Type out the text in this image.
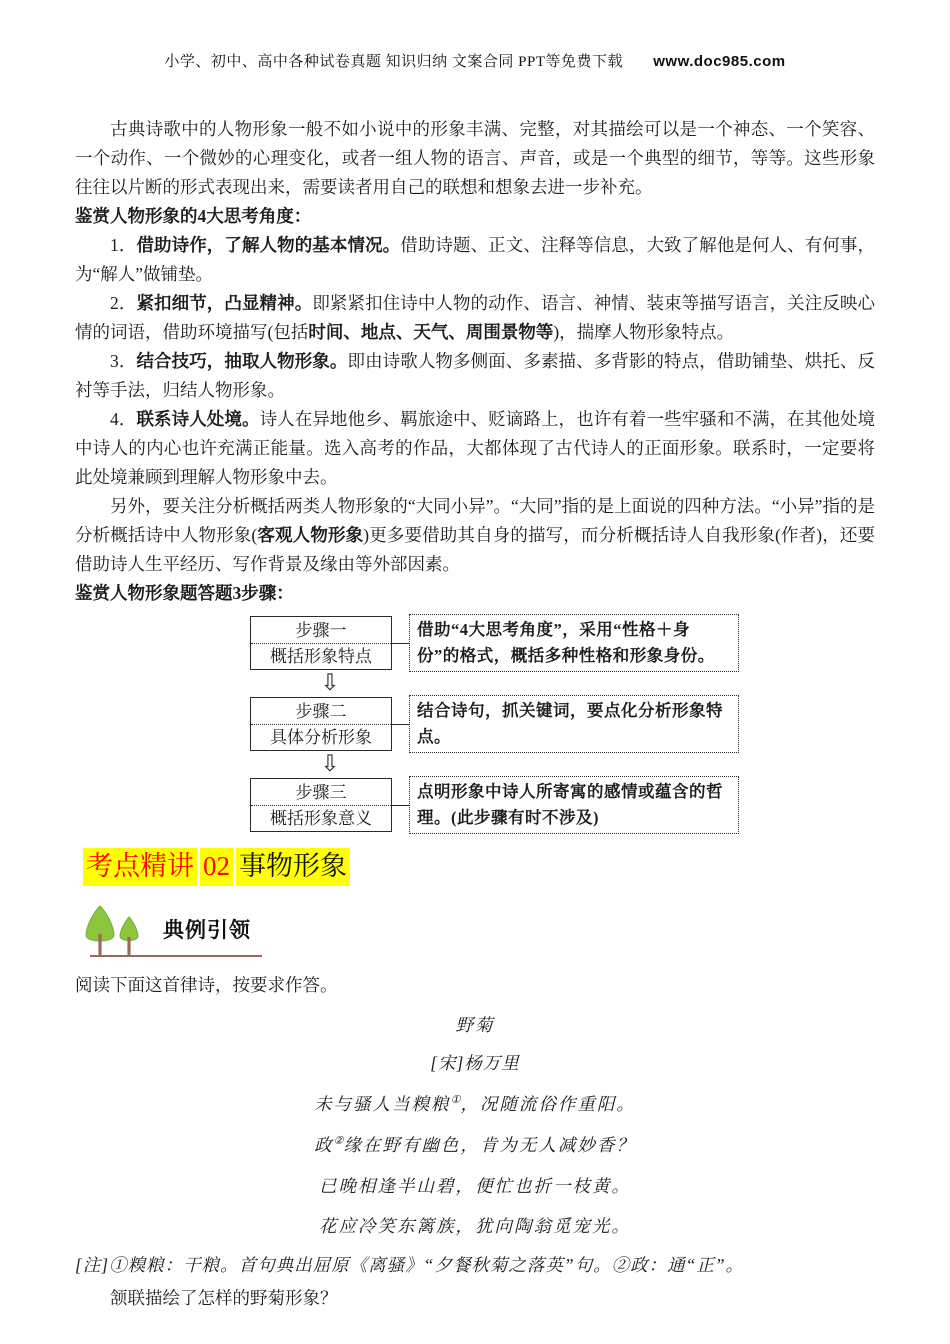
小学、初中、高中各种试卷真题 知识归纳 文案合同 PPT等免费下载 www.doc985.com

古典诗歌中的人物形象一般不如小说中的形象丰满、完整，对其描绘可以是一个神态、一个笑容、一个动作、一个微妙的心理变化，或者一组人物的语言、声音，或是一个典型的细节，等等。这些形象往往以片断的形式表现出来，需要读者用自己的联想和想象去进一步补充。

鉴赏人物形象的4大思考角度：

1．借助诗作，了解人物的基本情况。借助诗题、正文、注释等信息，大致了解他是何人、有何事，为“解人”做铺垫。

2．紧扣细节，凸显精神。即紧紧扣住诗中人物的动作、语言、神情、装束等描写语言，关注反映心情的词语，借助环境描写(包括时间、地点、天气、周围景物等)，揣摩人物形象特点。

3．结合技巧，抽取人物形象。即由诗歌人物多侧面、多素描、多背影的特点，借助铺垫、烘托、反衬等手法，归结人物形象。

4．联系诗人处境。诗人在异地他乡、羁旅途中、贬谪路上，也许有着一些牢骚和不满，在其他处境中诗人的内心也许充满正能量。选入高考的作品，大都体现了古代诗人的正面形象。联系时，一定要将此处境兼顾到理解人物形象中去。

另外，要关注分析概括两类人物形象的“大同小异”。“大同”指的是上面说的四种方法。“小异”指的是分析概括诗中人物形象(客观人物形象)更多要借助其自身的描写，而分析概括诗人自我形象(作者)，还要借助诗人生平经历、写作背景及缘由等外部因素。

鉴赏人物形象题答题3步骤：

步骤一
概括形象特点
借助“4大思考角度”，采用“性格＋身份”的格式，概括多种性格和形象身份。
⇩
步骤二
具体分析形象
结合诗句，抓关键词，要点化分析形象特点。
⇩
步骤三
概括形象意义
点明形象中诗人所寄寓的感情或蕴含的哲理。(此步骤有时不涉及)
考点精讲 02 事物形象
典例引领

阅读下面这首律诗，按要求作答。

野菊
[宋]杨万里
未与骚人当糗粮①，况随流俗作重阳。
政②缘在野有幽色，肯为无人减妙香？
已晚相逢半山碧，便忙也折一枝黄。
花应冷笑东篱族，犹向陶翁觅宠光。

[注]①糗粮：干粮。首句典出屈原《离骚》“夕餐秋菊之落英”句。②政：通“正”。

颔联描绘了怎样的野菊形象？
